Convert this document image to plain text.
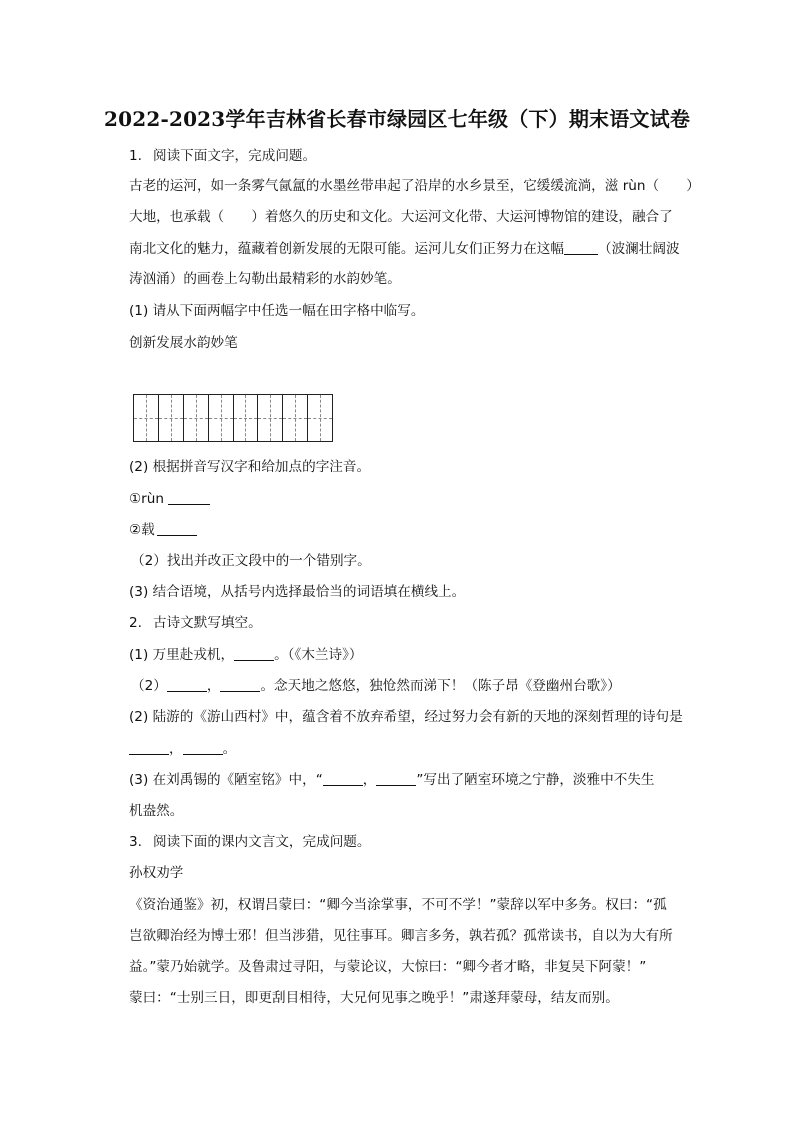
2022-2023学年吉林省长春市绿园区七年级（下）期末语文试卷
1. 阅读下面文字，完成问题。
古老的运河，如一条雾气氤氲的水墨丝带串起了沿岸的水乡景至，它缓缓流淌，滋 rùn（　　）
大地，也承载（　　）着悠久的历史和文化。大运河文化带、大运河博物馆的建设，融合了
南北文化的魅力，蕴藏着创新发展的无限可能。运河儿女们正努力在这幅	（波澜壮阔波
涛汹涌）的画卷上勾勒出最精彩的水韵妙笔。
(1) 请从下面两幅字中任选一幅在田字格中临写。
创新发展水韵妙笔
(2) 根据拼音写汉字和给加点的字注音。
①rùn
②载
（2）找出并改正文段中的一个错别字。
(3) 结合语境，从括号内选择最恰当的词语填在横线上。
2. 古诗文默写填空。
(1) 万里赴戎机，	。（《木兰诗》）
（2）	，	。念天地之悠悠，独怆然而涕下！（陈子昂《登幽州台歌》）
(2) 陆游的《游山西村》中，蕴含着不放弃希望，经过努力会有新的天地的深刻哲理的诗句是
，	。
(3) 在刘禹锡的《陋室铭》中，“	，	”写出了陋室环境之宁静，淡雅中不失生
机盎然。
3. 阅读下面的课内文言文，完成问题。
孙权劝学
《资治通鉴》初，权谓吕蒙曰：“卿今当涂掌事，不可不学！”蒙辞以军中多务。权曰：“孤
岂欲卿治经为博士邪！但当涉猎，见往事耳。卿言多务，孰若孤？孤常读书，自以为大有所
益。”蒙乃始就学。及鲁肃过寻阳，与蒙论议，大惊曰：“卿今者才略，非复吴下阿蒙！”
蒙曰：“士别三日，即更刮目相待，大兄何见事之晚乎！”肃遂拜蒙母，结友而别。
